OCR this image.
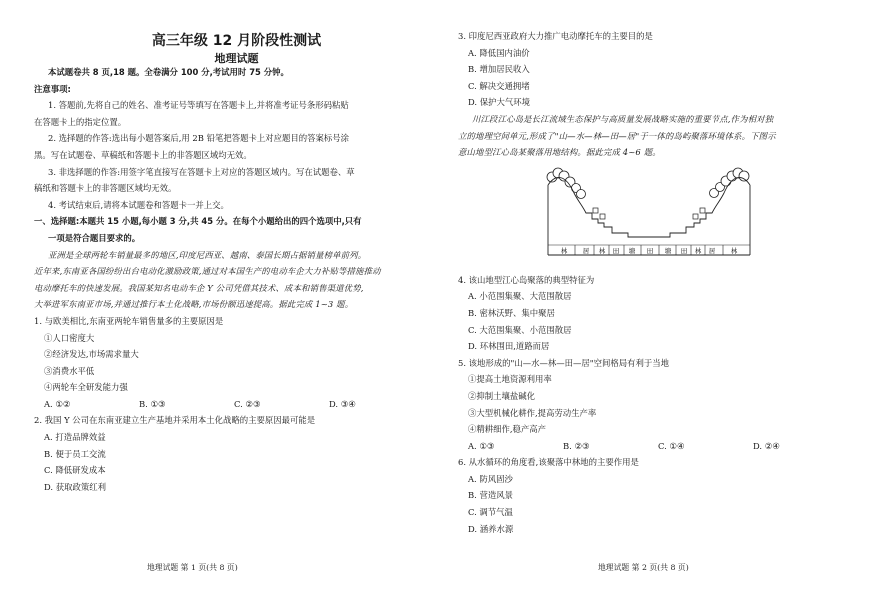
高三年级 12 月阶段性测试
地理试题
本试题卷共 8 页,18 题。全卷满分 100 分,考试用时 75 分钟。
注意事项:
1. 答题前,先将自己的姓名、准考证号等填写在答题卡上,并将准考证号条形码粘贴
在答题卡上的指定位置。
2. 选择题的作答:选出每小题答案后,用 2B 铅笔把答题卡上对应题目的答案标号涂
黑。写在试题卷、草稿纸和答题卡上的非答题区域均无效。
3. 非选择题的作答:用签字笔直接写在答题卡上对应的答题区域内。写在试题卷、草
稿纸和答题卡上的非答题区域均无效。
4. 考试结束后,请将本试题卷和答题卡一并上交。
一、选择题:本题共 15 小题,每小题 3 分,共 45 分。在每个小题给出的四个选项中,只有
一项是符合题目要求的。
亚洲是全球两轮车销量最多的地区,印度尼西亚、越南、泰国长期占据销量榜单前列。
近年来,东南亚各国纷纷出台电动化激励政策,通过对本国生产的电动车企大力补贴等措施推动
电动摩托车的快速发展。我国某知名电动车企 Y 公司凭借其技术、成本和销售渠道优势,
大举进军东南亚市场,并通过推行本土化战略,市场份额迅速提高。据此完成 1~3 题。
1. 与欧美相比,东南亚两轮车销售量多的主要原因是
①人口密度大
②经济发达,市场需求量大
③消费水平低
④两轮车全研发能力强
A. ①②	B. ①③	C. ②③	D. ③④
2. 我国 Y 公司在东南亚建立生产基地并采用本土化战略的主要原因最可能是
A. 打造品牌效益
B. 便于员工交流
C. 降低研发成本
D. 获取政策红利
3. 印度尼西亚政府大力推广电动摩托车的主要目的是
A. 降低国内油价
B. 增加居民收入
C. 解决交通拥堵
D. 保护大气环境
川江段江心岛是长江流域生态保护与高质量发展战略实施的重要节点,作为相对独
立的地理空间单元,形成了"山—水—林—田—居"于一体的岛屿聚落环境体系。下图示
意山地型江心岛某聚落用地结构。据此完成 4~6 题。
4. 该山地型江心岛聚落的典型特征为
A. 小范围集聚、大范围散居
B. 密林沃野、集中聚居
C. 大范围集聚、小范围散居
D. 环林围田,道路而居
5. 该地形成的"山—水—林—田—居"空间格局有利于当地
①提高土地资源利用率
②抑制土壤盐碱化
③大型机械化耕作,提高劳动生产率
④精耕细作,稳产高产
A. ①③	B. ②③	C. ①④	D. ②④
6. 从水循环的角度看,该聚落中林地的主要作用是
A. 防风固沙
B. 营造风景
C. 调节气温
D. 涵养水源
林 居 林 田 塘 田 塘 田 林 居 林
地理试题 第 1 页(共 8 页)	地理试题 第 2 页(共 8 页)
